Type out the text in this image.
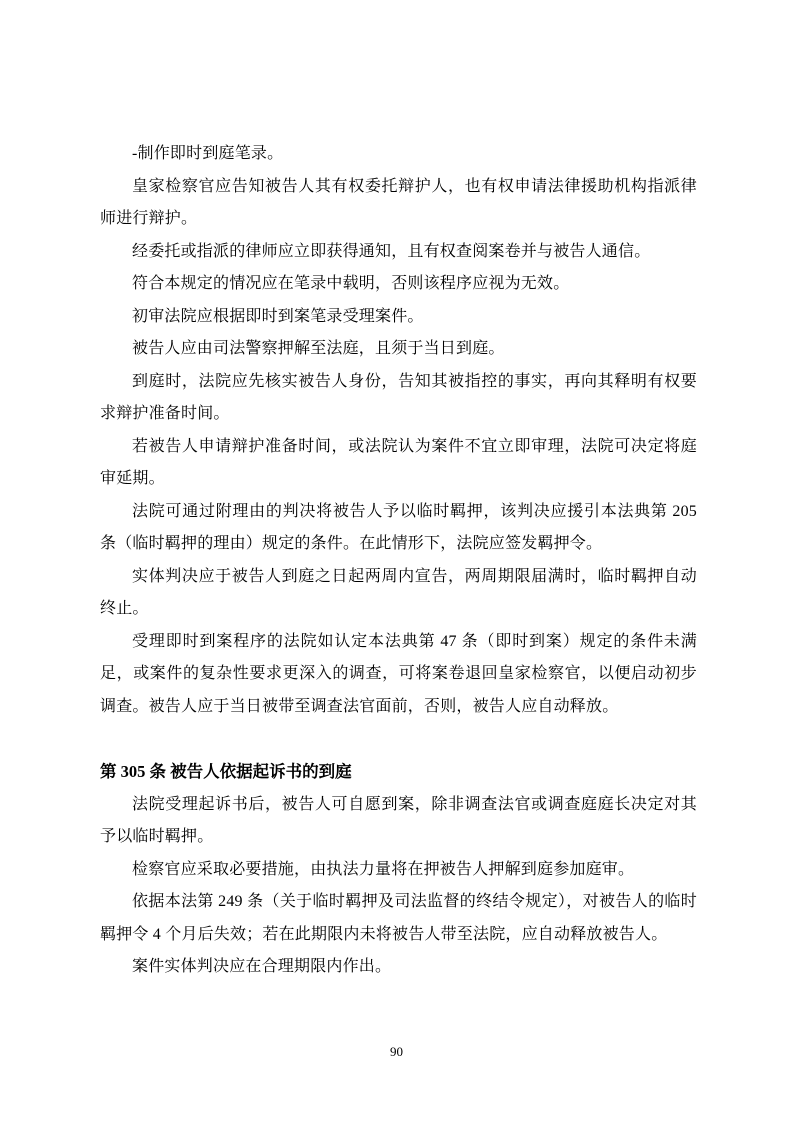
-制作即时到庭笔录。

皇家检察官应告知被告人其有权委托辩护人，也有权申请法律援助机构指派律师进行辩护。

经委托或指派的律师应立即获得通知，且有权查阅案卷并与被告人通信。

符合本规定的情况应在笔录中载明，否则该程序应视为无效。

初审法院应根据即时到案笔录受理案件。

被告人应由司法警察押解至法庭，且须于当日到庭。

到庭时，法院应先核实被告人身份，告知其被指控的事实，再向其释明有权要求辩护准备时间。

若被告人申请辩护准备时间，或法院认为案件不宜立即审理，法院可决定将庭审延期。

法院可通过附理由的判决将被告人予以临时羁押，该判决应援引本法典第 205 条（临时羁押的理由）规定的条件。在此情形下，法院应签发羁押令。

实体判决应于被告人到庭之日起两周内宣告，两周期限届满时，临时羁押自动终止。

受理即时到案程序的法院如认定本法典第 47 条（即时到案）规定的条件未满足，或案件的复杂性要求更深入的调查，可将案卷退回皇家检察官，以便启动初步调查。被告人应于当日被带至调查法官面前，否则，被告人应自动释放。

第 305 条 被告人依据起诉书的到庭

法院受理起诉书后，被告人可自愿到案，除非调查法官或调查庭庭长决定对其予以临时羁押。

检察官应采取必要措施，由执法力量将在押被告人押解到庭参加庭审。

依据本法第 249 条（关于临时羁押及司法监督的终结令规定），对被告人的临时羁押令 4 个月后失效；若在此期限内未将被告人带至法院，应自动释放被告人。

案件实体判决应在合理期限内作出。

90
